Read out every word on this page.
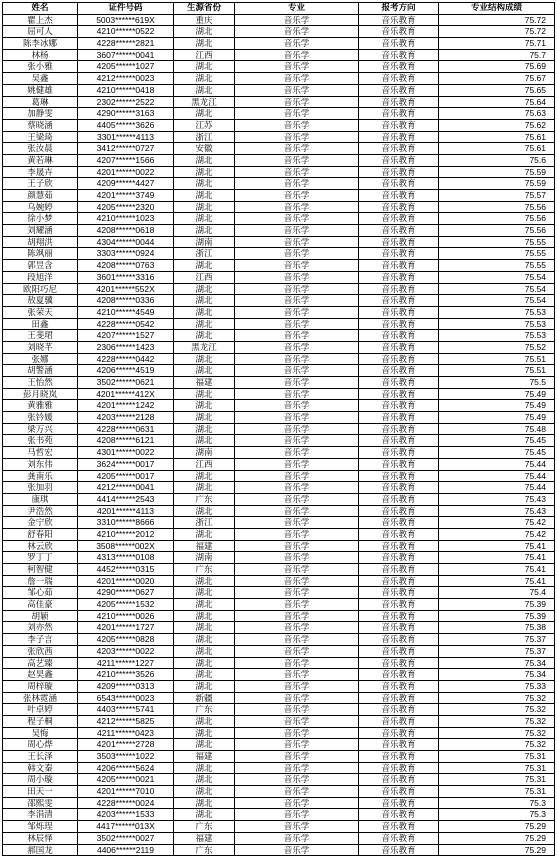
姓名	证件号码	生源省份	专业	报考方向	专业结构成绩
瞿上杰	5003******619X	重庆	音乐学	音乐教育	75.72
屈可人	4210******0522	湖北	音乐学	音乐教育	75.72
陈李冰娜	4228******2821	湖北	音乐学	音乐教育	75.71
林杨	3607******0041	江西	音乐学	音乐教育	75.7
张小雅	4205******1027	湖北	音乐学	音乐教育	75.69
吴鑫	4212******0023	湖北	音乐学	音乐教育	75.67
姚健雄	4210******0418	湖北	音乐学	音乐教育	75.65
葛琳	2302******2522	黑龙江	音乐学	音乐教育	75.64
加静雯	4290******3163	湖北	音乐学	音乐教育	75.63
蔡晓涵	4405******3626	江苏	音乐学	音乐教育	75.62
王梁琦	3301******4113	浙江	音乐学	音乐教育	75.61
张汝晨	3412******0727	安徽	音乐学	音乐教育	75.61
黄若琳	4207******1566	湖北	音乐学	音乐教育	75.6
李晟卉	4201******0022	湖北	音乐学	音乐教育	75.59
王子欣	4209******4427	湖北	音乐学	音乐教育	75.59
颜慧茹	4201******3749	湖北	音乐学	音乐教育	75.57
乌婉婷	4205******2320	湖北	音乐学	音乐教育	75.56
徐小梦	4210******1023	湖北	音乐学	音乐教育	75.56
刘耀涵	4208******0618	湖北	音乐学	音乐教育	75.56
胡翔洪	4304******0044	湖南	音乐学	音乐教育	75.55
陈飒丽	3303******0924	浙江	音乐学	音乐教育	75.55
郭昱含	4208******0763	湖北	音乐学	音乐教育	75.55
段旭洋	3601******3316	江西	音乐学	音乐教育	75.54
欧阳巧尼	4201******552X	湖北	音乐学	音乐教育	75.54
敖夏骥	4208******0336	湖北	音乐学	音乐教育	75.54
张荣天	4210******4549	湖北	音乐学	音乐教育	75.53
田鑫	4228******0542	湖北	音乐学	音乐教育	75.53
王斐珺	4207******1527	湖北	音乐学	音乐教育	75.53
刘晓芊	2306******1423	黑龙江	音乐学	音乐教育	75.52
张娜	4228******0442	湖北	音乐学	音乐教育	75.51
胡警涵	4206******4519	湖北	音乐学	音乐教育	75.51
王怡然	3502******0621	福建	音乐学	音乐教育	75.5
彭月晓岚	4201******412X	湖北	音乐学	音乐教育	75.49
黄雅雅	4201******1242	湖北	音乐学	音乐教育	75.49
张钤媛	4203******2128	湖北	音乐学	音乐教育	75.49
梁万兴	4228******0631	湖北	音乐学	音乐教育	75.48
张书苑	4208******6121	湖北	音乐学	音乐教育	75.45
马哲宏	4301******0022	湖南	音乐学	音乐教育	75.45
刘东伟	3624******0017	江西	音乐学	音乐教育	75.44
龚南乐	4205******0017	湖北	音乐学	音乐教育	75.44
张加羽	4212******0041	湖北	音乐学	音乐教育	75.44
康琪	4414******2543	广东	音乐学	音乐教育	75.43
尹浩然	4201******4113	湖北	音乐学	音乐教育	75.43
金宁欣	3310******8666	浙江	音乐学	音乐教育	75.42
舒春阳	4210******2012	湖北	音乐学	音乐教育	75.42
林云欣	3508******002X	福建	音乐学	音乐教育	75.41
罗丁丁	4313******0108	湖南	音乐学	音乐教育	75.41
柯智健	4452******0315	广东	音乐学	音乐教育	75.41
詹一瑞	4201******0020	湖北	音乐学	音乐教育	75.41
邹心茹	4290******0627	湖北	音乐学	音乐教育	75.4
高佳豪	4205******1532	湖北	音乐学	音乐教育	75.39
胡颖	4210******0026	湖北	音乐学	音乐教育	75.39
刘亦然	4201******1727	湖北	音乐学	音乐教育	75.38
李子言	4205******0828	湖北	音乐学	音乐教育	75.37
张欣茜	4203******0022	湖北	音乐学	音乐教育	75.37
高艺臻	4211******1227	湖北	音乐学	音乐教育	75.34
赵昊鑫	4210******3526	湖北	音乐学	音乐教育	75.34
周梓璇	4209******0313	湖北	音乐学	音乐教育	75.33
张林霓涵	6543******0023	新疆	音乐学	音乐教育	75.32
叶卓婷	4403******5741	广东	音乐学	音乐教育	75.32
程子桐	4212******5825	湖北	音乐学	音乐教育	75.32
吴悔	4211******0423	湖北	音乐学	音乐教育	75.32
周心烨	4201******2728	湖北	音乐学	音乐教育	75.32
王长泽	3503******1022	福建	音乐学	音乐教育	75.31
韩文秦	4206******5624	湖北	音乐学	音乐教育	75.31
周小璇	4205******0021	湖北	音乐学	音乐教育	75.31
田天一	4201******7010	湖北	音乐学	音乐教育	75.31
邵熙雯	4228******0024	湖北	音乐学	音乐教育	75.3
李涓清	4203******1533	湖北	音乐学	音乐教育	75.3
邹烁珵	4417******013X	广东	音乐学	音乐教育	75.29
林辰怿	3502******0027	福建	音乐学	音乐教育	75.29
郝国龙	4406******2119	广东	音乐学	音乐教育	75.29
